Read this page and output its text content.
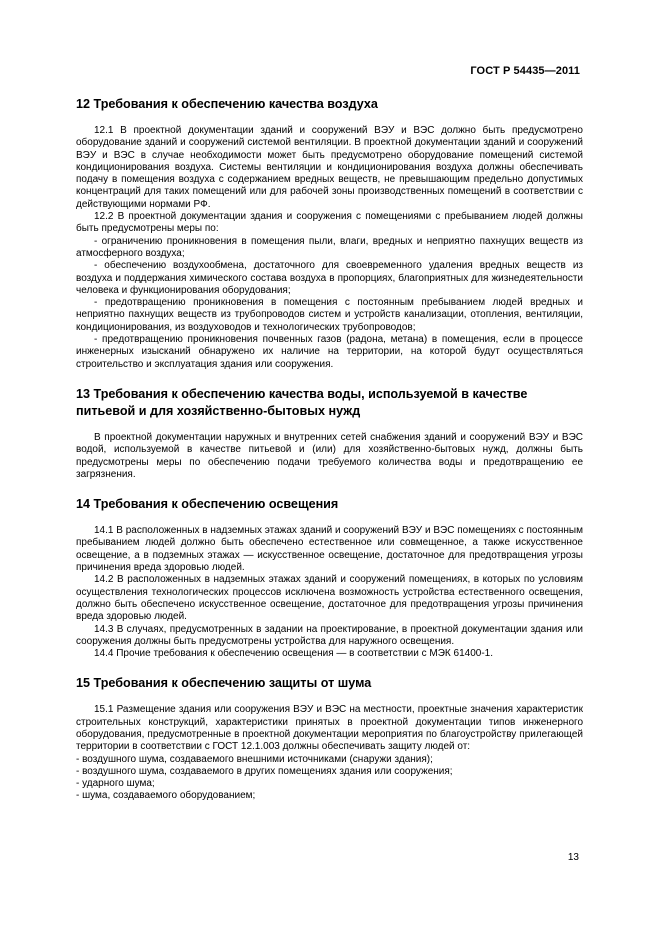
ГОСТ Р 54435—2011
12 Требования к обеспечению качества воздуха

12.1 В проектной документации зданий и сооружений ВЭУ и ВЭС должно быть предусмотрено оборудование зданий и сооружений системой вентиляции. В проектной документации зданий и сооружений ВЭУ и ВЭС в случае необходимости может быть предусмотрено оборудование помещений системой кондиционирования воздуха. Системы вентиляции и кондиционирования воздуха должны обеспечивать подачу в помещения воздуха с содержанием вредных веществ, не превышающим предельно допустимых концентраций для таких помещений или для рабочей зоны производственных помещений в соответствии с действующими нормами РФ.

12.2 В проектной документации здания и сооружения с помещениями с пребыванием людей должны быть предусмотрены меры по:

- ограничению проникновения в помещения пыли, влаги, вредных и неприятно пахнущих веществ из атмосферного воздуха;

- обеспечению воздухообмена, достаточного для своевременного удаления вредных веществ из воздуха и поддержания химического состава воздуха в пропорциях, благоприятных для жизнедеятельности человека и функционирования оборудования;

- предотвращению проникновения в помещения с постоянным пребыванием людей вредных и неприятно пахнущих веществ из трубопроводов систем и устройств канализации, отопления, вентиляции, кондиционирования, из воздуховодов и технологических трубопроводов;

- предотвращению проникновения почвенных газов (радона, метана) в помещения, если в процессе инженерных изысканий обнаружено их наличие на территории, на которой будут осуществляться строительство и эксплуатация здания или сооружения.

13 Требования к обеспечению качества воды, используемой в качестве питьевой и для хозяйственно-бытовых нужд

В проектной документации наружных и внутренних сетей снабжения зданий и сооружений ВЭУ и ВЭС водой, используемой в качестве питьевой и (или) для хозяйственно-бытовых нужд, должны быть предусмотрены меры по обеспечению подачи требуемого количества воды и предотвращению ее загрязнения.

14 Требования к обеспечению освещения

14.1 В расположенных в надземных этажах зданий и сооружений ВЭУ и ВЭС помещениях с постоянным пребыванием людей должно быть обеспечено естественное или совмещенное, а также искусственное освещение, а в подземных этажах — искусственное освещение, достаточное для предотвращения угрозы причинения вреда здоровью людей.

14.2 В расположенных в надземных этажах зданий и сооружений помещениях, в которых по условиям осуществления технологических процессов исключена возможность устройства естественного освещения, должно быть обеспечено искусственное освещение, достаточное для предотвращения угрозы причинения вреда здоровью людей.

14.3 В случаях, предусмотренных в задании на проектирование, в проектной документации здания или сооружения должны быть предусмотрены устройства для наружного освещения.

14.4 Прочие требования к обеспечению освещения — в соответствии с МЭК 61400-1.

15 Требования к обеспечению защиты от шума

15.1 Размещение здания или сооружения ВЭУ и ВЭС на местности, проектные значения характеристик строительных конструкций, характеристики принятых в проектной документации типов инженерного оборудования, предусмотренные в проектной документации мероприятия по благоустройству прилегающей территории в соответствии с ГОСТ 12.1.003 должны обеспечивать защиту людей от:

- воздушного шума, создаваемого внешними источниками (снаружи здания);

- воздушного шума, создаваемого в других помещениях здания или сооружения;

- ударного шума;

- шума, создаваемого оборудованием;

13
